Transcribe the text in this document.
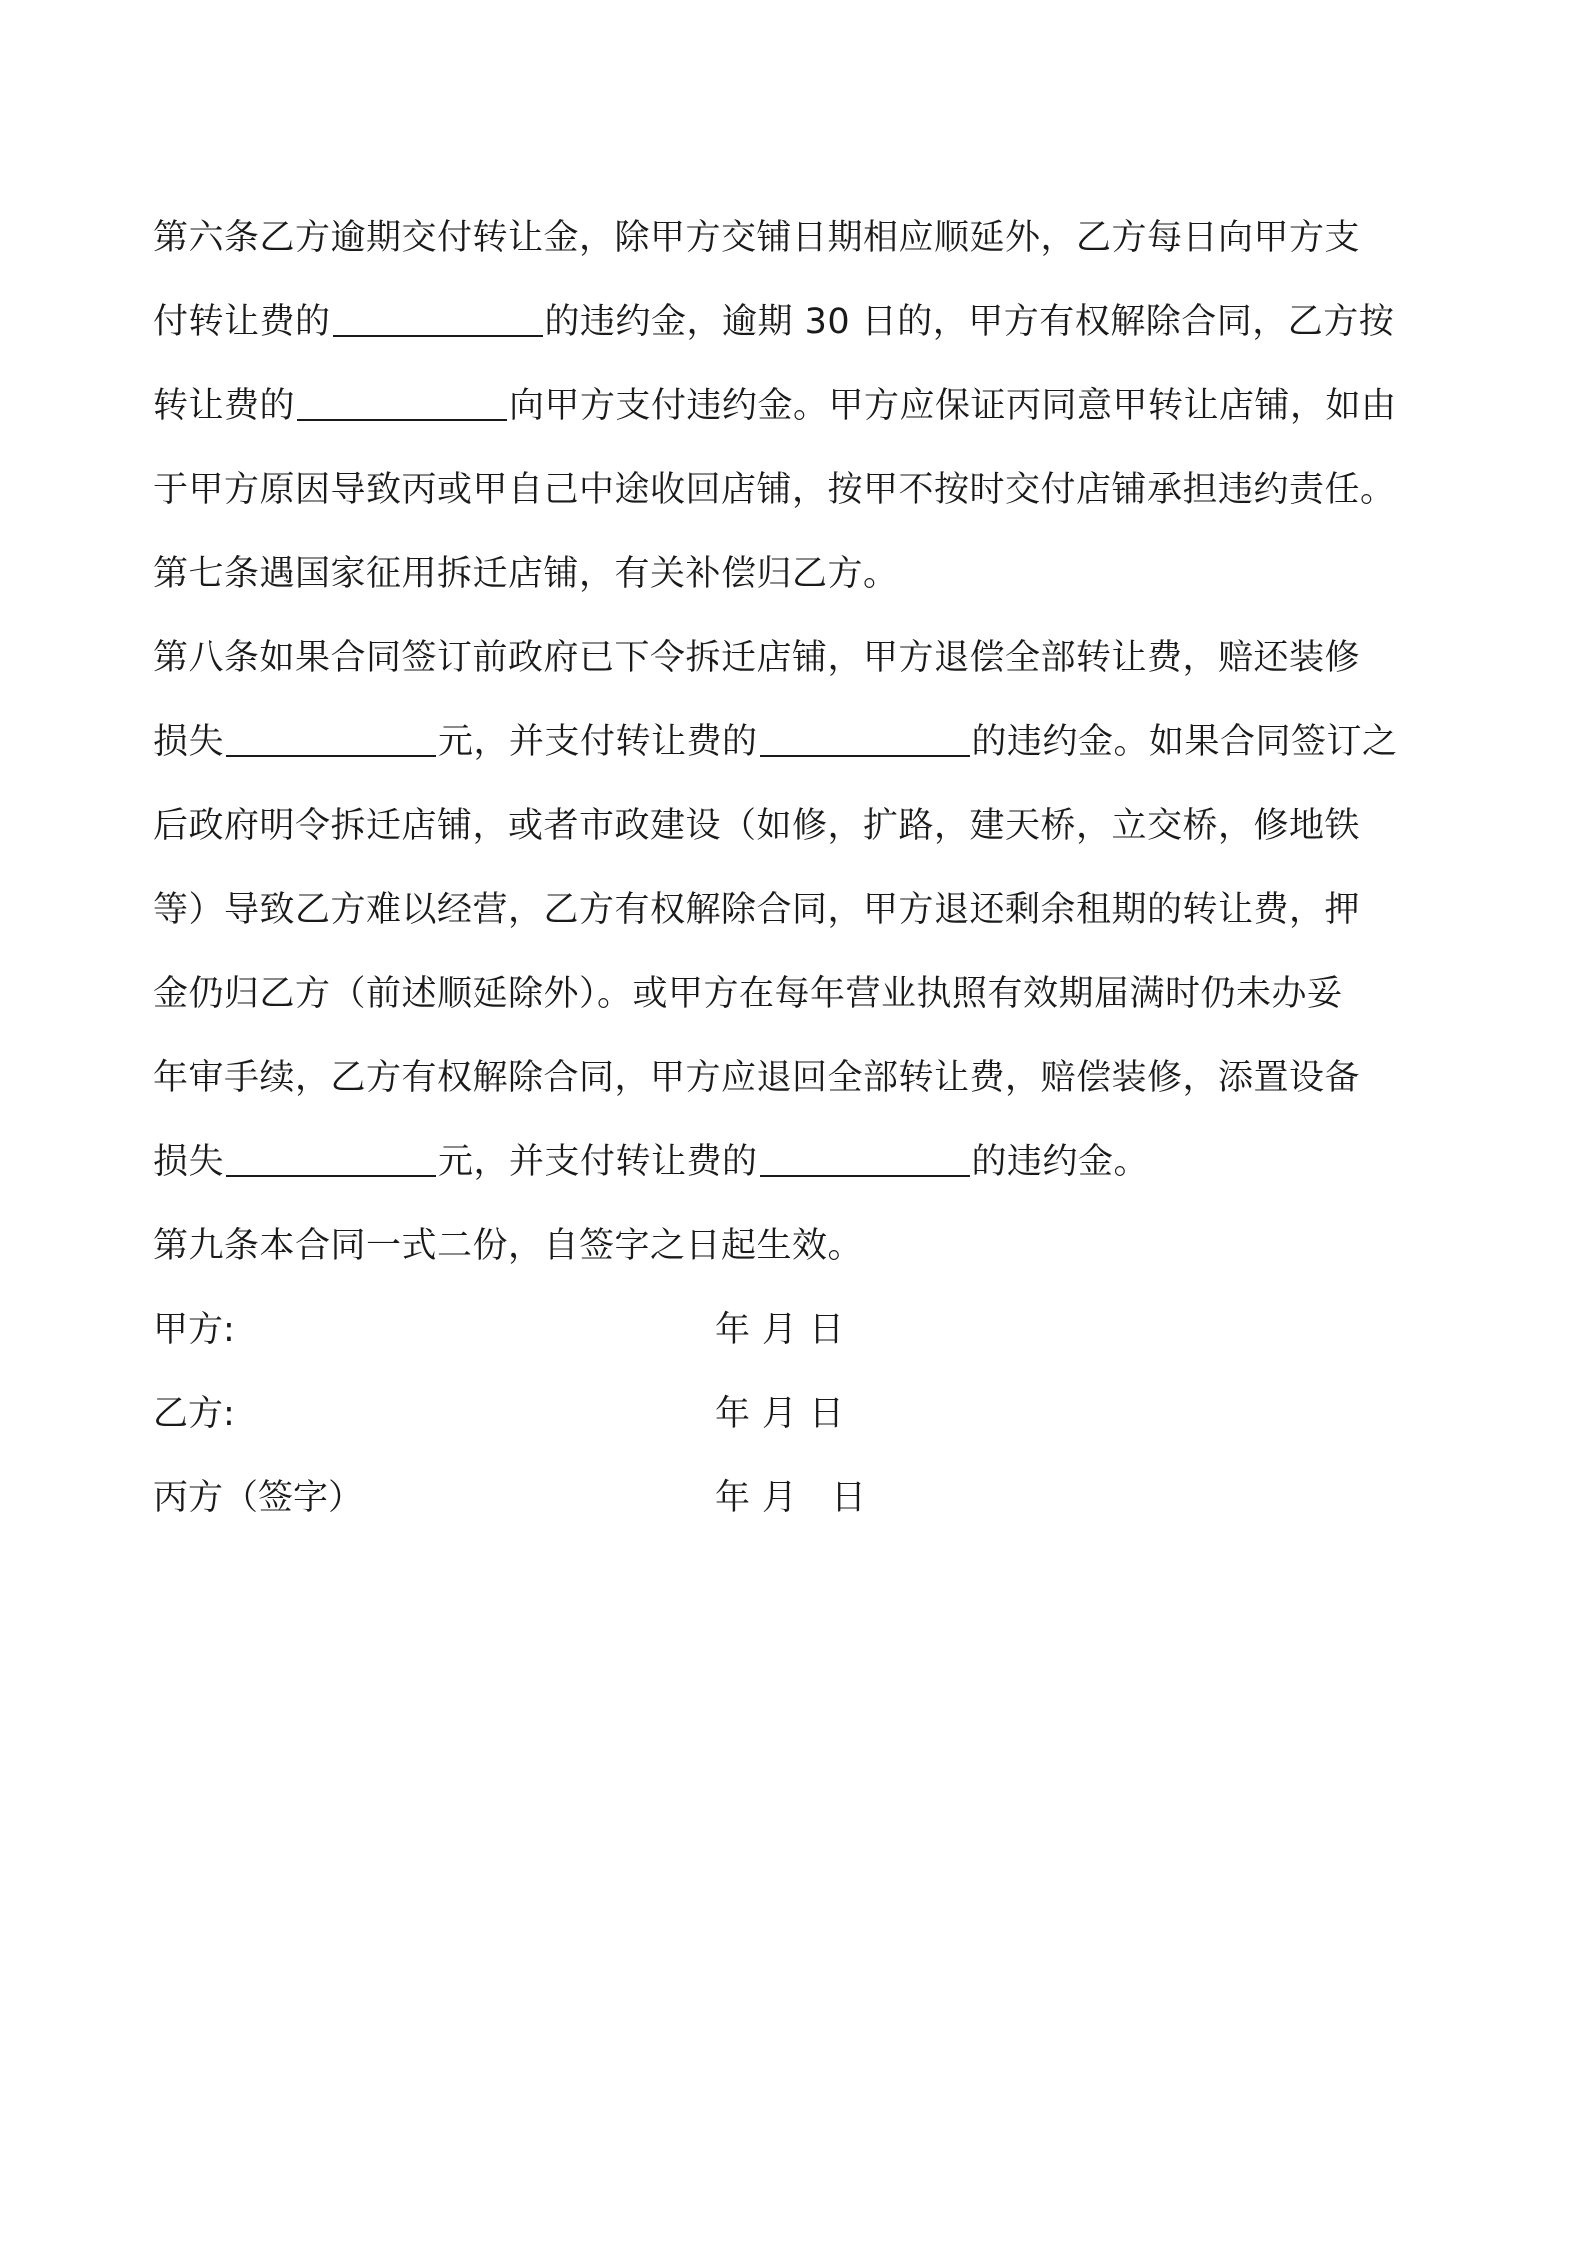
第六条乙方逾期交付转让金，除甲方交铺日期相应顺延外，乙方每日向甲方支
付转让费的	的违约金，逾期 30 日的，甲方有权解除合同，乙方按
转让费的	向甲方支付违约金。甲方应保证丙同意甲转让店铺，如由
于甲方原因导致丙或甲自己中途收回店铺，按甲不按时交付店铺承担违约责任。
第七条遇国家征用拆迁店铺，有关补偿归乙方。
第八条如果合同签订前政府已下令拆迁店铺，甲方退偿全部转让费，赔还装修
损失	元，并支付转让费的	的违约金。如果合同签订之
后政府明令拆迁店铺，或者市政建设（如修，扩路，建天桥，立交桥，修地铁
等）导致乙方难以经营，乙方有权解除合同，甲方退还剩余租期的转让费，押
金仍归乙方（前述顺延除外）。或甲方在每年营业执照有效期届满时仍未办妥
年审手续，乙方有权解除合同，甲方应退回全部转让费，赔偿装修，添置设备
损失	元，并支付转让费的	的违约金。
第九条本合同一式二份，自签字之日起生效。
甲方:	年 月 日
乙方:	年 月 日
丙方（签字）	年 月 日
